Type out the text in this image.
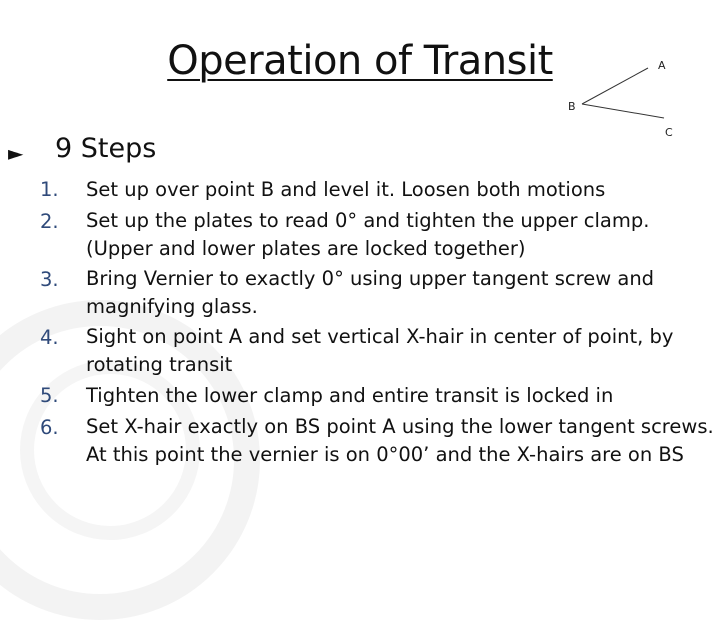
Operation of Transit	A
B
C
► 9 Steps
1.	Set up over point B and level it. Loosen both motions
2.	Set up the plates to read 0° and tighten the upper clamp. (Upper and lower plates are locked together)
3.	Bring Vernier to exactly 0° using upper tangent screw and magnifying glass.
4.	Sight on point A and set vertical X-hair in center of point, by rotating transit
5.	Tighten the lower clamp and entire transit is locked in
6.	Set X-hair exactly on BS point A using the lower tangent screws. At this point the vernier is on 0°00’ and the X-hairs are on BS
